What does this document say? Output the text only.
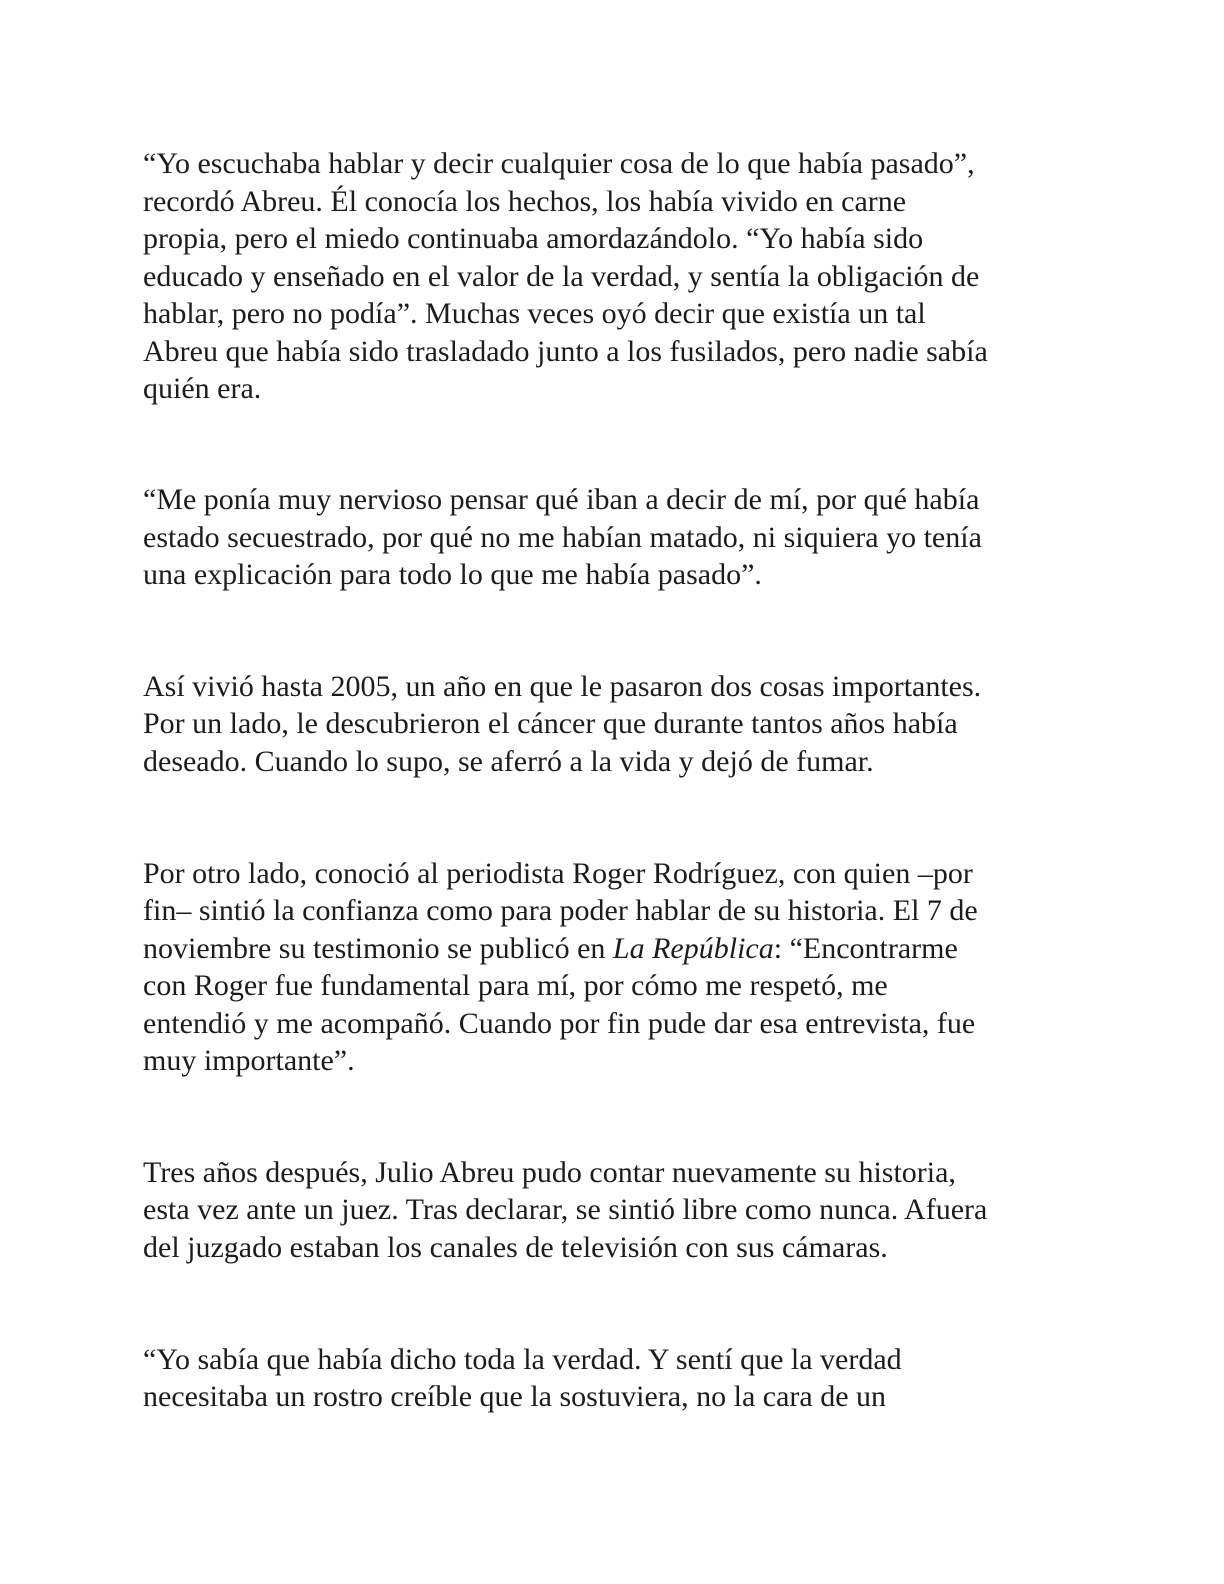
“Yo escuchaba hablar y decir cualquier cosa de lo que había pasado”,

recordó Abreu. Él conocía los hechos, los había vivido en carne

propia, pero el miedo continuaba amordazándolo. “Yo había sido

educado y enseñado en el valor de la verdad, y sentía la obligación de

hablar, pero no podía”. Muchas veces oyó decir que existía un tal

Abreu que había sido trasladado junto a los fusilados, pero nadie sabía

quién era.

“Me ponía muy nervioso pensar qué iban a decir de mí, por qué había

estado secuestrado, por qué no me habían matado, ni siquiera yo tenía

una explicación para todo lo que me había pasado”.

Así vivió hasta 2005, un año en que le pasaron dos cosas importantes.

Por un lado, le descubrieron el cáncer que durante tantos años había

deseado. Cuando lo supo, se aferró a la vida y dejó de fumar.

Por otro lado, conoció al periodista Roger Rodríguez, con quien –por

fin– sintió la confianza como para poder hablar de su historia. El 7 de

noviembre su testimonio se publicó en La República: “Encontrarme

con Roger fue fundamental para mí, por cómo me respetó, me

entendió y me acompañó. Cuando por fin pude dar esa entrevista, fue

muy importante”.

Tres años después, Julio Abreu pudo contar nuevamente su historia,

esta vez ante un juez. Tras declarar, se sintió libre como nunca. Afuera

del juzgado estaban los canales de televisión con sus cámaras.

“Yo sabía que había dicho toda la verdad. Y sentí que la verdad

necesitaba un rostro creíble que la sostuviera, no la cara de un
